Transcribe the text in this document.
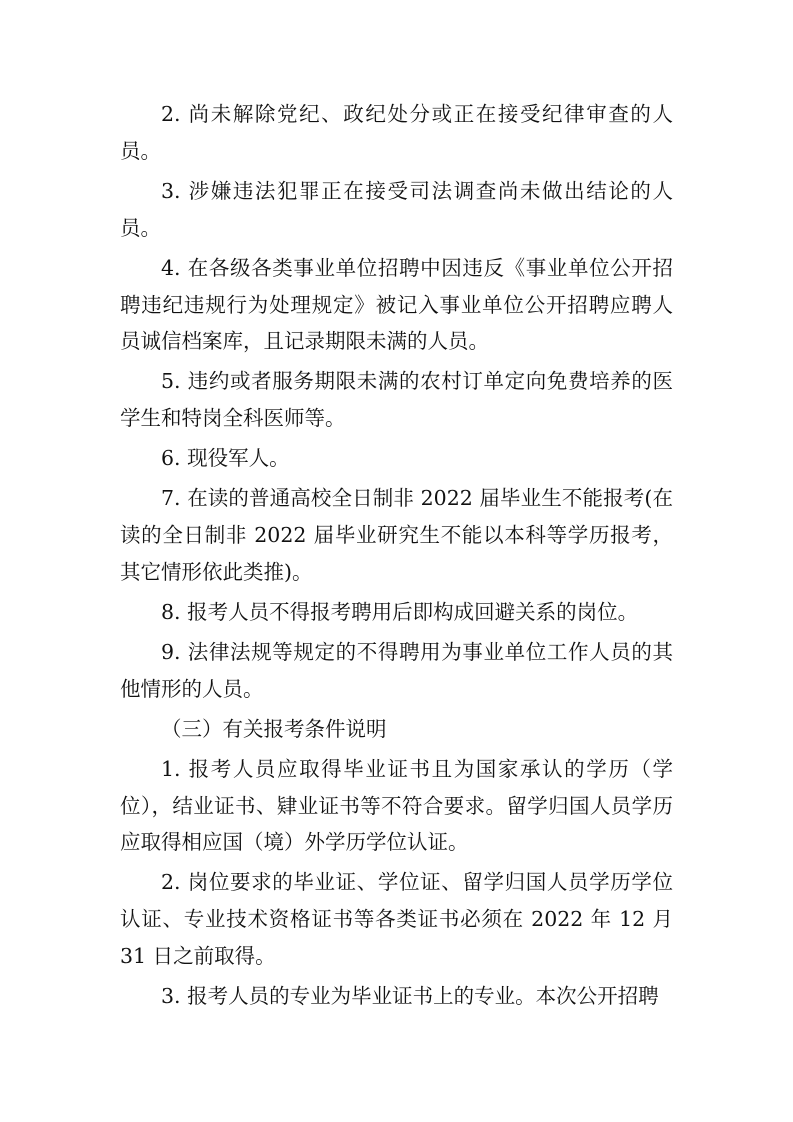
2. 尚未解除党纪、政纪处分或正在接受纪律审查的人员。

3. 涉嫌违法犯罪正在接受司法调查尚未做出结论的人员。

4. 在各级各类事业单位招聘中因违反《事业单位公开招聘违纪违规行为处理规定》被记入事业单位公开招聘应聘人员诚信档案库，且记录期限未满的人员。

5. 违约或者服务期限未满的农村订单定向免费培养的医学生和特岗全科医师等。

6. 现役军人。

7. 在读的普通高校全日制非 2022 届毕业生不能报考(在读的全日制非 2022 届毕业研究生不能以本科等学历报考，其它情形依此类推)。

8. 报考人员不得报考聘用后即构成回避关系的岗位。

9. 法律法规等规定的不得聘用为事业单位工作人员的其他情形的人员。

（三）有关报考条件说明

1. 报考人员应取得毕业证书且为国家承认的学历（学位），结业证书、肄业证书等不符合要求。留学归国人员学历应取得相应国（境）外学历学位认证。

2. 岗位要求的毕业证、学位证、留学归国人员学历学位认证、专业技术资格证书等各类证书必须在 2022 年 12 月 31 日之前取得。

3. 报考人员的专业为毕业证书上的专业。本次公开招聘
